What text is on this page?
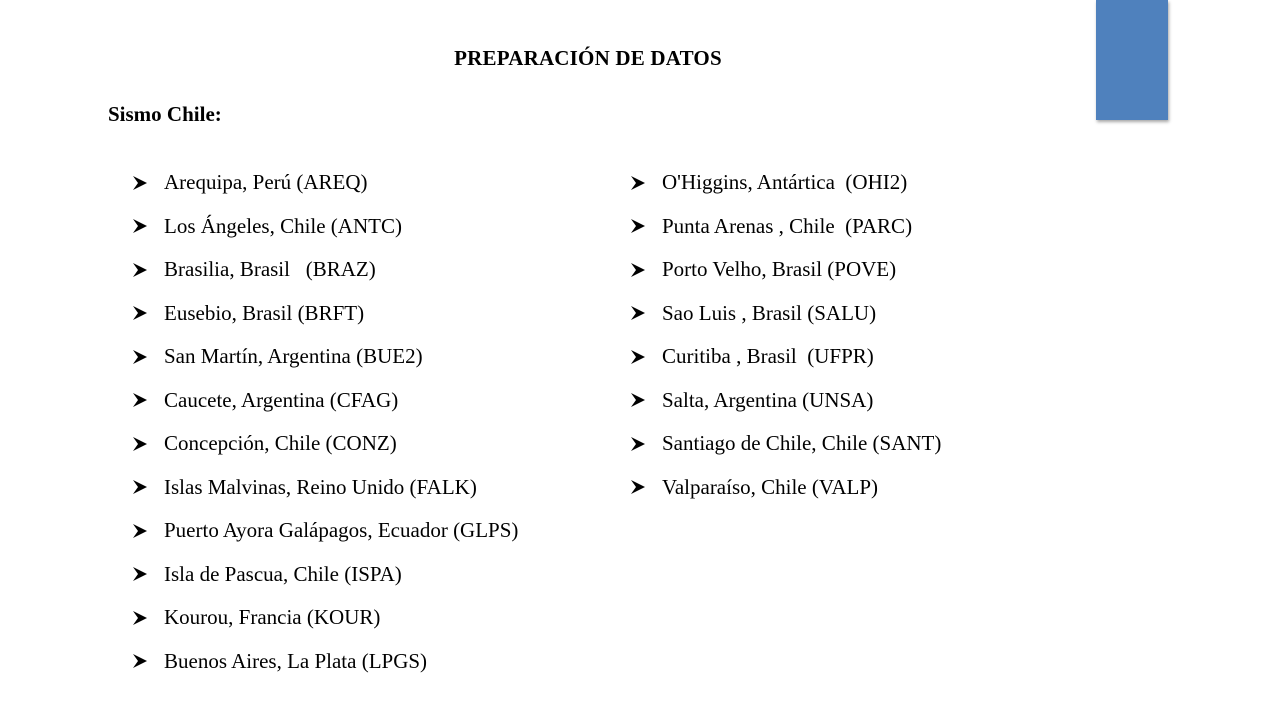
PREPARACIÓN DE DATOS
Sismo Chile:
Arequipa, Perú (AREQ)
Los Ángeles, Chile (ANTC)
Brasilia, Brasil   (BRAZ)
Eusebio, Brasil (BRFT)
San Martín, Argentina (BUE2)
Caucete, Argentina (CFAG)
Concepción, Chile (CONZ)
Islas Malvinas, Reino Unido (FALK)
Puerto Ayora Galápagos, Ecuador (GLPS)
Isla de Pascua, Chile (ISPA)
Kourou, Francia (KOUR)
Buenos Aires, La Plata (LPGS)
O'Higgins, Antártica  (OHI2)
Punta Arenas , Chile  (PARC)
Porto Velho, Brasil (POVE)
Sao Luis , Brasil (SALU)
Curitiba , Brasil  (UFPR)
Salta, Argentina (UNSA)
Santiago de Chile, Chile (SANT)
Valparaíso, Chile (VALP)
